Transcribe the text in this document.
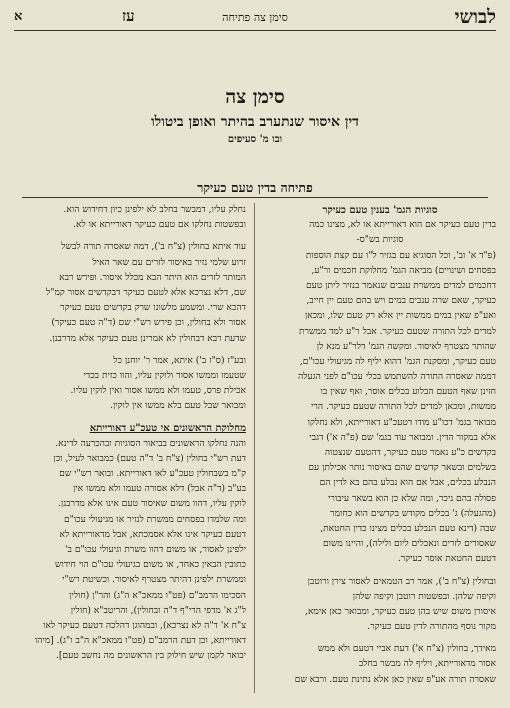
לבושי
סימן צה פתיחה
עז
א
סימן צה
דין איסור שנתערב בהיתר ואופן ביטולו
ובו מ' סעיפים
פתיחה בדין טעם כעיקר
סוגיות הגמ' בענין טעם כעיקר
בדין טעם כעיקר אם הוא דאורייתא או לא, מצינו כמה
סוגיות בש"ס-
(פ"ד א' וב', וכל הסוגיא עם בגזיר ל"ו עם קצת הוספות
בפסחים ושינויים) מביאה הגמ' מחלוקת חכמים ור"ע,
דחכמים למדים ממשרת ענבים שנאמר בנזיר ליתן טעם
כעיקר, שאם שרה ענבים במים ויש בהם טעם יין חייב,
ואע"פ שאין במים ממשות יין אלא רק טעם שלו, ומכאן
למדים לכל התורה שטעם כעיקר. אבל ר"ע למד ממשרת
שהותר מצטרף לאיסור. ומקשה הגמ' דלר"ע מנא לן
טעם כעיקר, ומסקנת הגמ' דהוא יליף לה מגיעולי עכו"ם,
דממה שאסרה התורה להשתמש בכלי עכו"ם לפני הגעלה
חזינן שאף הטעם הבלוע בכלים אוסר, ואף שאין בו
ממשות, ומכאן למדים לכל התורה שטעם כעיקר. הרי
מבואר בגמ' דכו"ע מודו דטעכ"ע דאורייתא, ולא נחלקו
אלא במקור הדין. ומבואר עוד בגמ' שם (פ"ה א') דגבי
בקדשים כ"ע נאמר טעם כעיקר, דהטעם שנצטוה
בשלמים ובשאר קדשים שהם באיסור נותר אכילתן עם
הנבלע בכלים, אבל אם הוא נבלע בהם בא לדין הם
פסולה בהם ניכר, ומה שלא כן הוא בשאר עיבורי
(מהגעלה) ג' בכלים מקודש בקדשים הוא כחומר
שבה (דינא טעם הנבלע בכלים מצינו כדין החטאת,
שאסורים לזרים ונאכלים ליום ולילה), והיינו משום
דטעם החטאת אוסר כעיקר.
ובחולין (צ"ח ב'), אמר רב הטמאים לאסור צירן ורוטבן
וקיפה שלהן. ובפשטות רוטבן וקיפה שלהן
איסורן משום שיש בהן טעם כעיקר, ומבואר כאן אימא,
מקור נוסף מהתורה לדין טעם כעיקר.
מאידך, בחולין (צ"ח א') דעת אביי דטעם ולא ממש
אסור מדאורייתא, ויליף לה מבשר בחלב
שאסרה תורה אע"פ שאין כאן אלא נתינת טעם. ורבא שם
נחלק עליו, דמבשר בחלב לא ילפינן כיון דחידוש הוא.
ובפשטות נחלקו אם טעם כעיקר דאורייתא או לא.
עוד איתא בחולין (צ"ח ב'), דמה שאסרה תורה לבשל
זרוע שלמי נזיר באיסור לזרים עם שאר האיל
המותר לזרים הוא היתר הבא מכלל איסור. ופירש רבא
שם, דלא נצרכא אלא לטעם כעיקר דבקדשים אסור קמ"ל
דהכא שרי. ומשמע מלשונו שרק בקדשים טעם כעיקר
אסור ולא בחולין, וכן פירש רש"י שם (ד"ה טעם כעיקר)
שדעת רבא דבחולין לא אמרינן טעם כעיקר אלא מדרבנן.
ובע"ז (ס"ז ב') איתא, אמר ר' יוחנן כל
שטעמו וממשו אסור ולוקין עליו, והוו כזית בכדי
אכילת פרס, טעמו ולא ממשו אסור ואין לוקין עליו.
ומבואר שבל טעם בלא ממשו אין לוקין.
מחלוקת הראשונים אי טעכ"ע דאורייתא
והנה נחלקו הראשונים בביאור הסוגיות ובהכרעה לדינא.
דעת רש"י בחולין (צ"ח ב' ד"ה טעם) כמבואר לעיל, וכן
ק"מ בשבחולין טעכ"ע לאו דאורייתא. ובואר רש"י שם
בע"ב (ד"ה אבל) דלא אסורה טעמו ולא ממשו אין
לוקין עליו, דהוו משום שאיסור טעם אינו אלא מדרבנן.
ומה שלמדו בפסחים ממשרת לנזיר או מגיעולי עכו"ם
דטעם כעיקר אינו אלא אסמכתא, אבל מדאורייתא לא
ילפינן לאסור, או משום דהוו משרת וגיעולי עכו"ם ב'
כתובין הבאין כאחד, או משום בגיעולי עכו"ם הוי חידוש
וממשרת ילפינן דהיתר מצטרף לאיסור. וכשיטת רש"י
הסכימו הרמב"ם (פט"ו ממאכ"א ה"ג) והר"ן (חולין
ל"ג א' מדפי הרי"ף ד"ה ובחולין), והריטב"א (חולין
צ"ח א' ד"ה לא נצרכא), ובמהוגן דהלכה דטעם כעיקר לאו
דאורייתא, וכן דעת הרמב"ם (פט"ו ממאכ"א ה"ב ו"ג). [מיהו
יבואר לקמן שיש חילוק בין הראשונים מה נחשב טעם].
